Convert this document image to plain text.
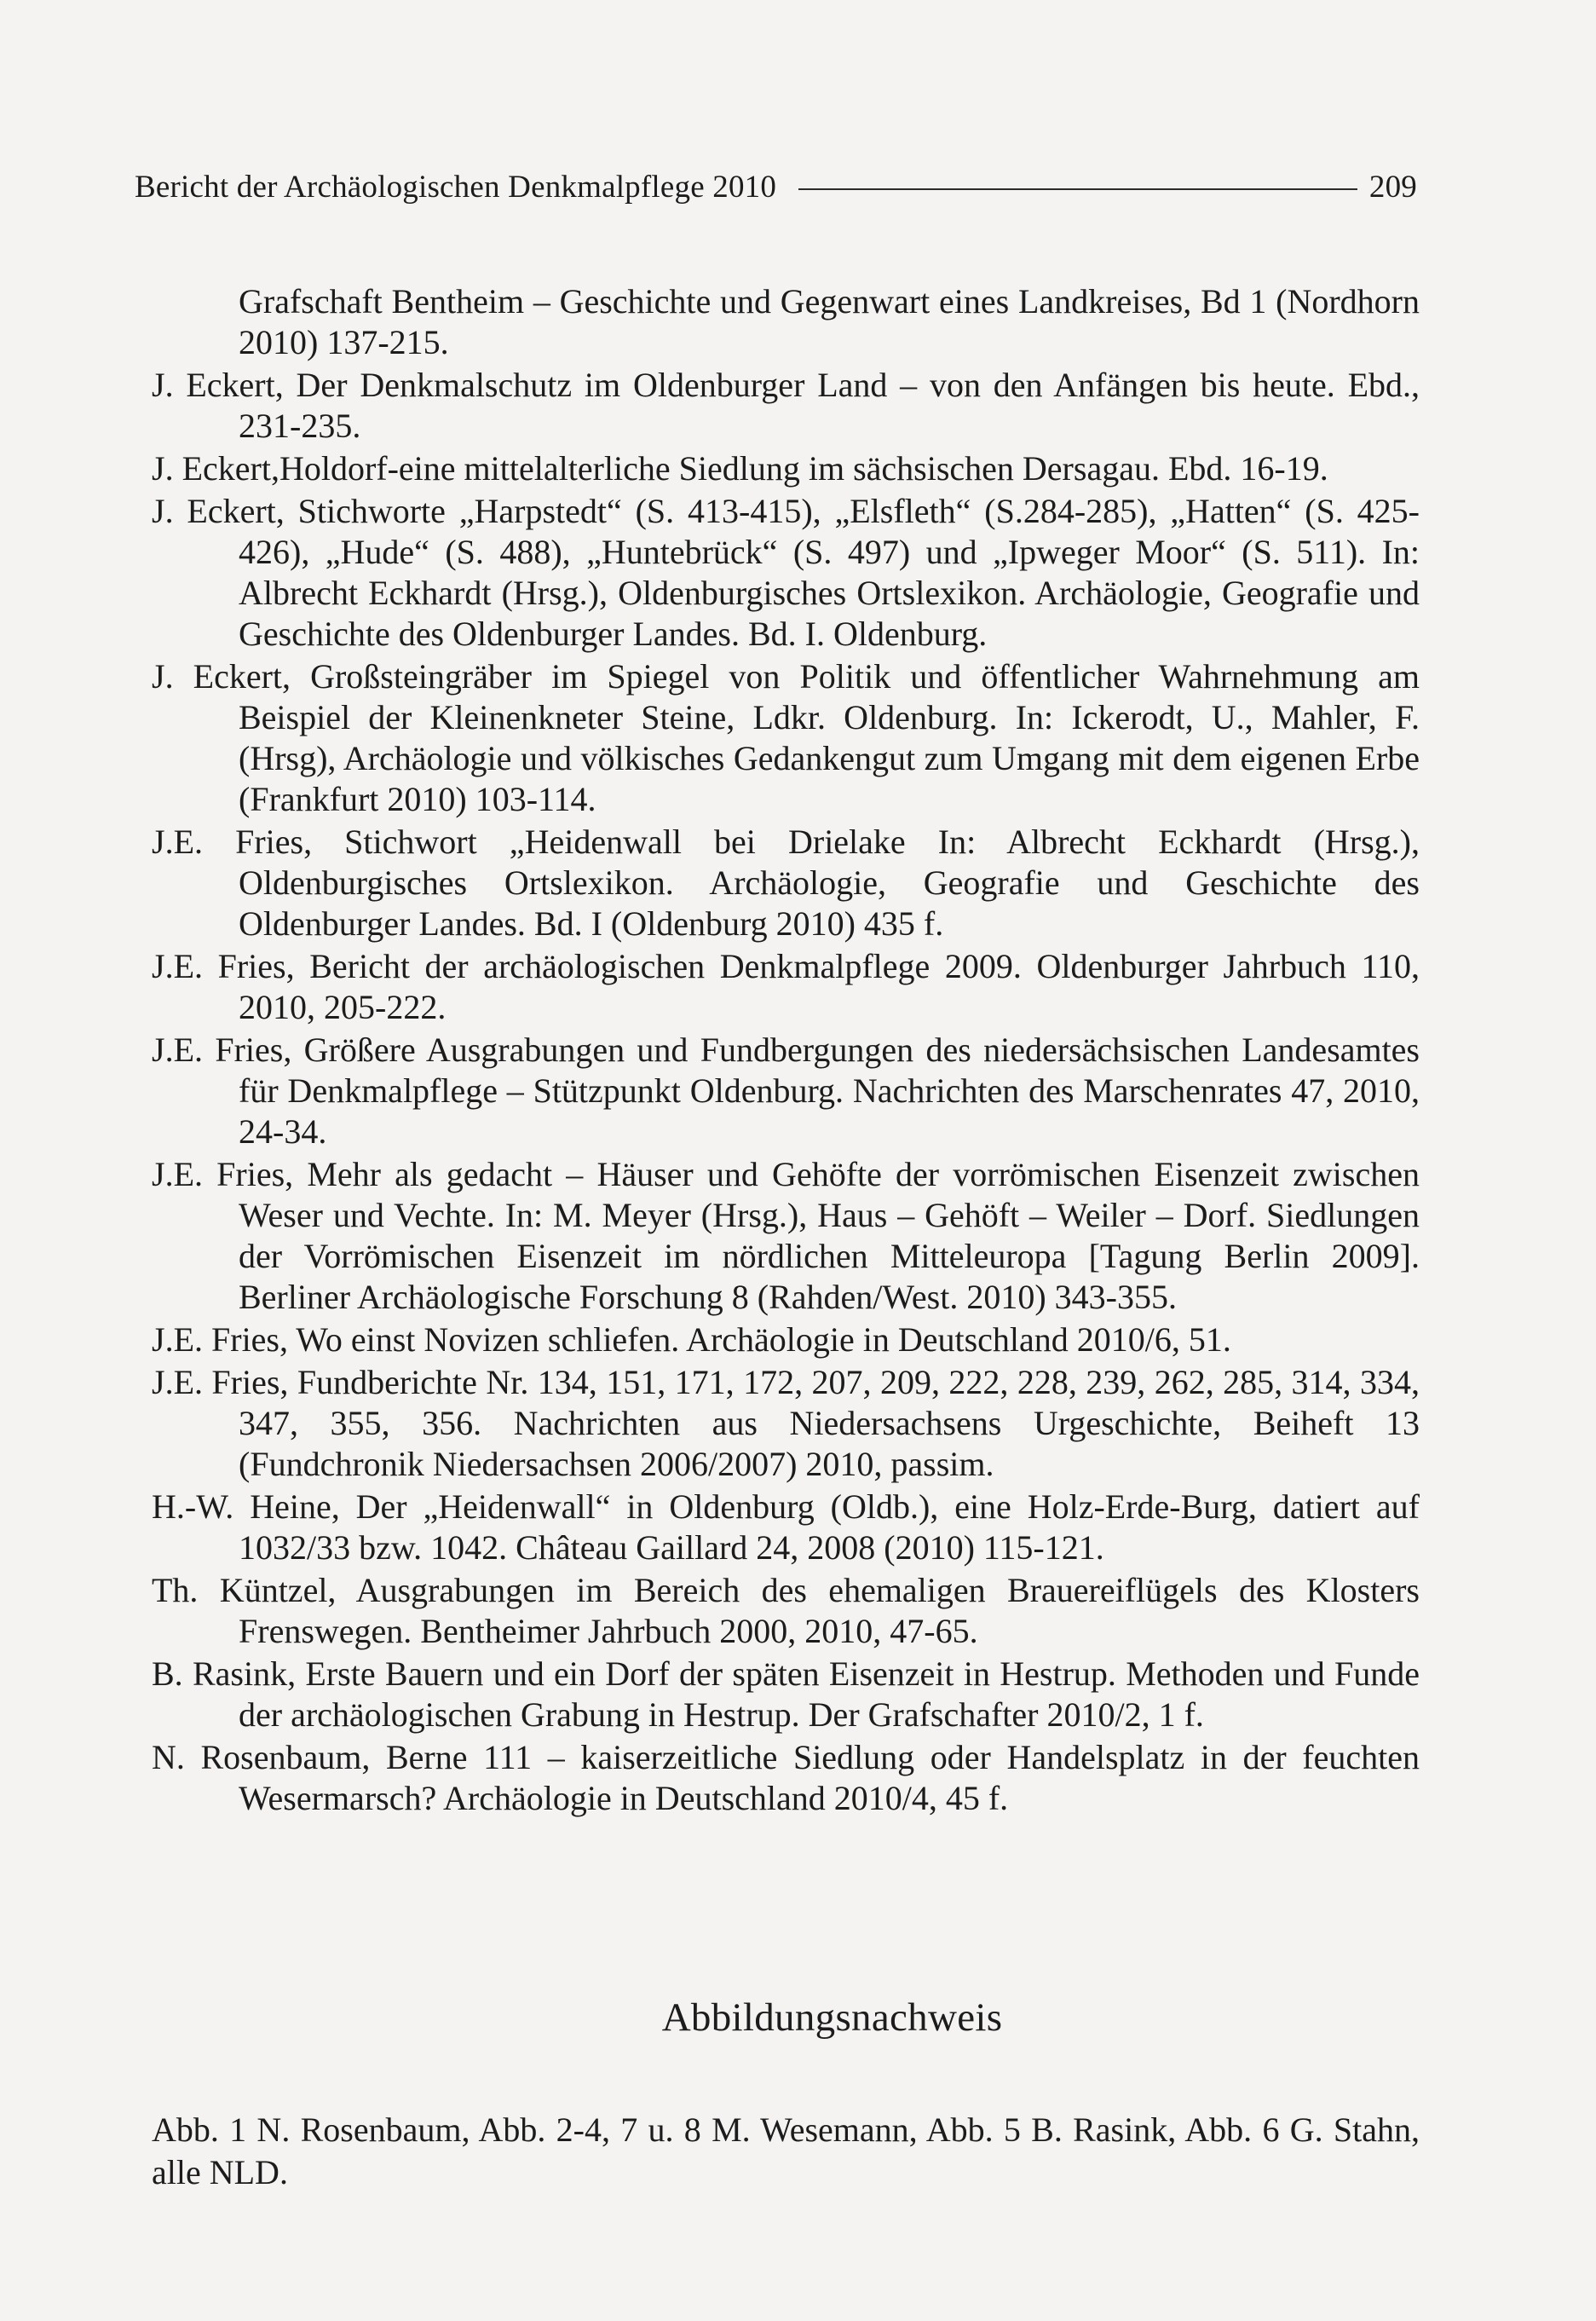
Bericht der Archäologischen Denkmalpflege 2010	209
Grafschaft Bentheim – Geschichte und Gegenwart eines Landkreises, Bd 1 (Nordhorn 2010) 137-215.
J. Eckert, Der Denkmalschutz im Oldenburger Land – von den Anfängen bis heute. Ebd., 231-235.
J. Eckert,Holdorf-eine mittelalterliche Siedlung im sächsischen Dersagau. Ebd. 16-19.
J. Eckert, Stichworte „Harpstedt“ (S. 413-415), „Elsfleth“ (S.284-285), „Hatten“ (S. 425-426), „Hude“ (S. 488), „Huntebrück“ (S. 497) und „Ipweger Moor“ (S. 511). In: Albrecht Eckhardt (Hrsg.), Oldenburgisches Ortslexikon. Archäologie, Geografie und Geschichte des Oldenburger Landes. Bd. I. Oldenburg.
J. Eckert, Großsteingräber im Spiegel von Politik und öffentlicher Wahrnehmung am Beispiel der Kleinenkneter Steine, Ldkr. Oldenburg. In: Ickerodt, U., Mahler, F. (Hrsg), Archäologie und völkisches Gedankengut zum Umgang mit dem eigenen Erbe (Frankfurt 2010) 103-114.
J.E. Fries, Stichwort „Heidenwall bei Drielake In: Albrecht Eckhardt (Hrsg.), Oldenburgisches Ortslexikon. Archäologie, Geografie und Geschichte des Oldenburger Landes. Bd. I (Oldenburg 2010) 435 f.
J.E. Fries, Bericht der archäologischen Denkmalpflege 2009. Oldenburger Jahrbuch 110, 2010, 205-222.
J.E. Fries, Größere Ausgrabungen und Fundbergungen des niedersächsischen Landesamtes für Denkmalpflege – Stützpunkt Oldenburg. Nachrichten des Marschenrates 47, 2010, 24-34.
J.E. Fries, Mehr als gedacht – Häuser und Gehöfte der vorrömischen Eisenzeit zwischen Weser und Vechte. In: M. Meyer (Hrsg.), Haus – Gehöft – Weiler – Dorf. Siedlungen der Vorrömischen Eisenzeit im nördlichen Mitteleuropa [Tagung Berlin 2009]. Berliner Archäologische Forschung 8 (Rahden/West. 2010) 343-355.
J.E. Fries, Wo einst Novizen schliefen. Archäologie in Deutschland 2010/6, 51.
J.E. Fries, Fundberichte Nr. 134, 151, 171, 172, 207, 209, 222, 228, 239, 262, 285, 314, 334, 347, 355, 356. Nachrichten aus Niedersachsens Urgeschichte, Beiheft 13 (Fundchronik Niedersachsen 2006/2007) 2010, passim.
H.-W. Heine, Der „Heidenwall“ in Oldenburg (Oldb.), eine Holz-Erde-Burg, datiert auf 1032/33 bzw. 1042. Château Gaillard 24, 2008 (2010) 115-121.
Th. Küntzel, Ausgrabungen im Bereich des ehemaligen Brauereiflügels des Klosters Frenswegen. Bentheimer Jahrbuch 2000, 2010, 47-65.
B. Rasink, Erste Bauern und ein Dorf der späten Eisenzeit in Hestrup. Methoden und Funde der archäologischen Grabung in Hestrup. Der Grafschafter 2010/2, 1 f.
N. Rosenbaum, Berne 111 – kaiserzeitliche Siedlung oder Handelsplatz in der feuchten Wesermarsch? Archäologie in Deutschland 2010/4, 45 f.
Abbildungsnachweis

Abb. 1 N. Rosenbaum, Abb. 2-4, 7 u. 8 M. Wesemann, Abb. 5 B. Rasink, Abb. 6 G. Stahn, alle NLD.
